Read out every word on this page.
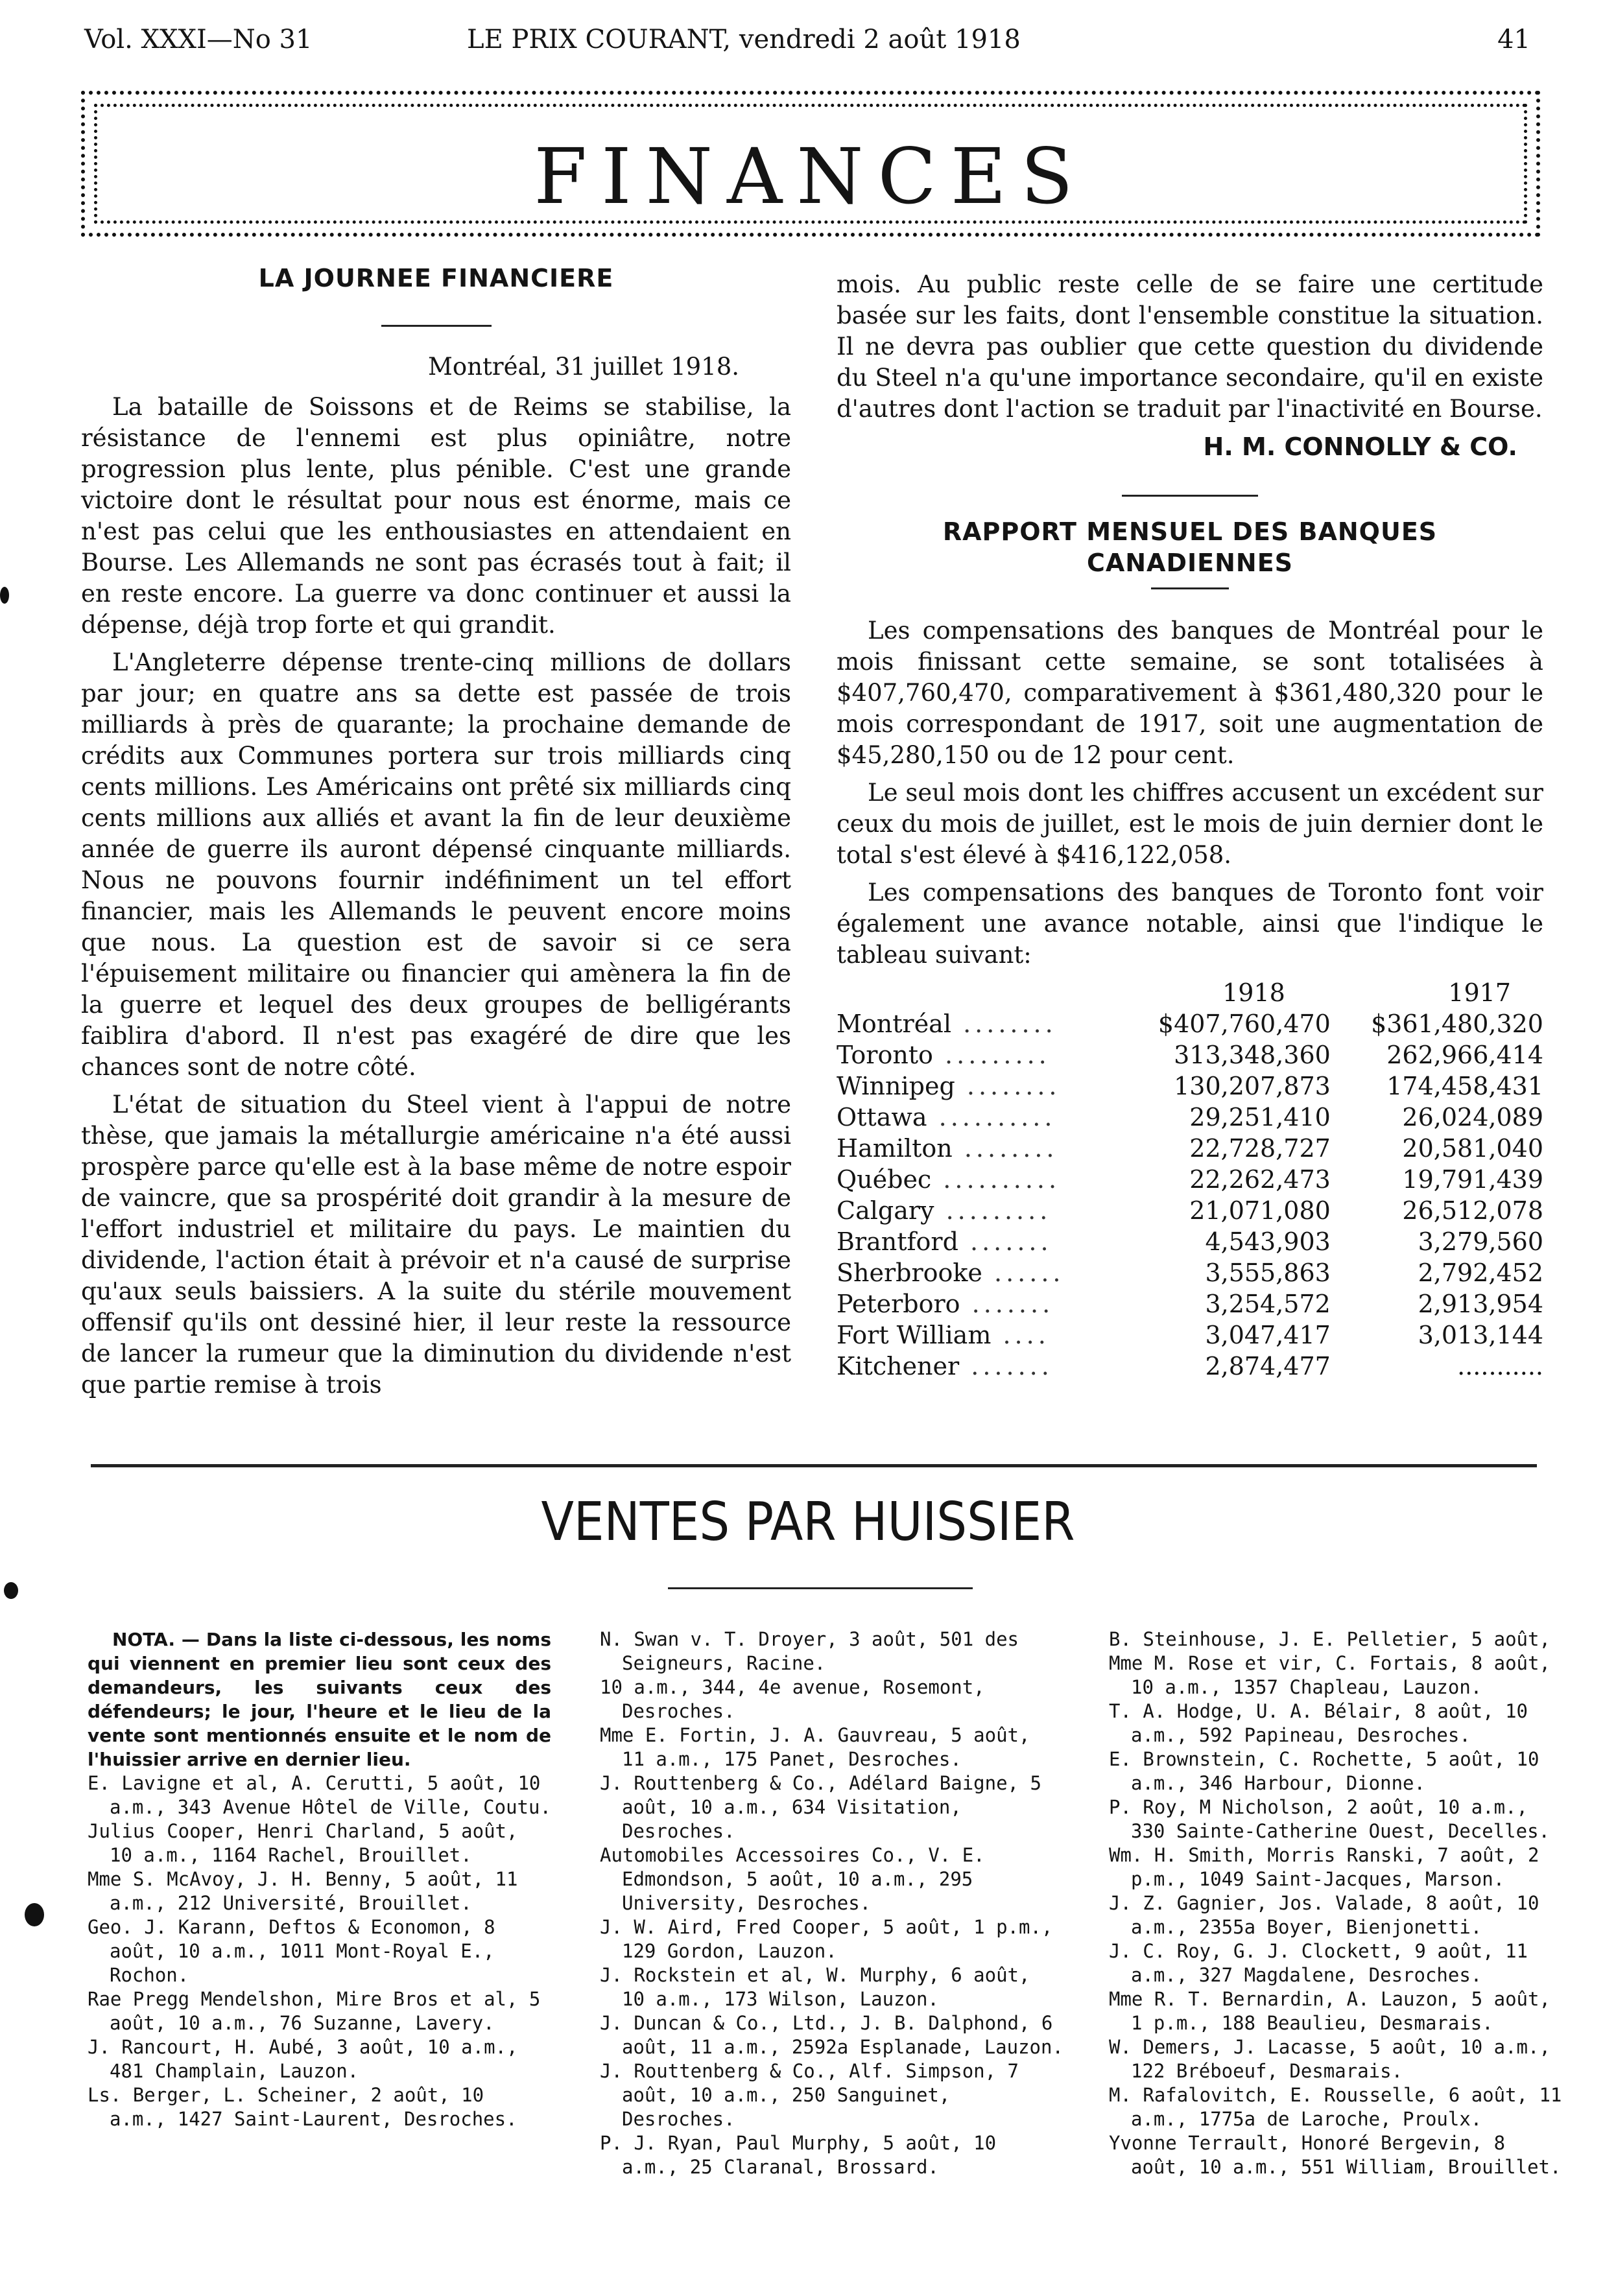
Vol. XXXI—No 31	LE PRIX COURANT, vendredi 2 août 1918	41
FINANCES
LA JOURNEE FINANCIERE
Montréal, 31 juillet 1918.

La bataille de Soissons et de Reims se stabilise, la résistance de l'ennemi est plus opiniâtre, notre progression plus lente, plus pénible. C'est une grande victoire dont le résultat pour nous est énorme, mais ce n'est pas celui que les enthousiastes en attendaient en Bourse. Les Allemands ne sont pas écrasés tout à fait; il en reste encore. La guerre va donc continuer et aussi la dépense, déjà trop forte et qui grandit.

L'Angleterre dépense trente-cinq millions de dollars par jour; en quatre ans sa dette est passée de trois milliards à près de quarante; la prochaine demande de crédits aux Communes portera sur trois milliards cinq cents millions. Les Américains ont prêté six milliards cinq cents millions aux alliés et avant la fin de leur deuxième année de guerre ils auront dépensé cinquante milliards. Nous ne pouvons fournir indéfiniment un tel effort financier, mais les Allemands le peuvent encore moins que nous. La question est de savoir si ce sera l'épuisement militaire ou financier qui amènera la fin de la guerre et lequel des deux groupes de belligérants faiblira d'abord. Il n'est pas exagéré de dire que les chances sont de notre côté.

L'état de situation du Steel vient à l'appui de notre thèse, que jamais la métallurgie américaine n'a été aussi prospère parce qu'elle est à la base même de notre espoir de vaincre, que sa prospérité doit grandir à la mesure de l'effort industriel et militaire du pays. Le maintien du dividende, l'action était à prévoir et n'a causé de surprise qu'aux seuls baissiers. A la suite du stérile mouvement offensif qu'ils ont dessiné hier, il leur reste la ressource de lancer la rumeur que la diminution du dividende n'est que partie remise à trois

mois. Au public reste celle de se faire une certitude basée sur les faits, dont l'ensemble constitue la situation. Il ne devra pas oublier que cette question du dividende du Steel n'a qu'une importance secondaire, qu'il en existe d'autres dont l'action se traduit par l'inactivité en Bourse.

H. M. CONNOLLY & CO.
RAPPORT MENSUEL DES BANQUES CANADIENNES

Les compensations des banques de Montréal pour le mois finissant cette semaine, se sont totalisées à $407,760,470, comparativement à $361,480,320 pour le mois correspondant de 1917, soit une augmentation de $45,280,150 ou de 12 pour cent.

Le seul mois dont les chiffres accusent un excédent sur ceux du mois de juillet, est le mois de juin dernier dont le total s'est élevé à $416,122,058.

Les compensations des banques de Toronto font voir également une avance notable, ainsi que l'indique le tableau suivant:

	1918	1917
Montréal ........	$407,760,470	$361,480,320
Toronto .........	313,348,360	262,966,414
Winnipeg ........	130,207,873	174,458,431
Ottawa ..........	29,251,410	26,024,089
Hamilton ........	22,728,727	20,581,040
Québec ..........	22,262,473	19,791,439
Calgary .........	21,071,080	26,512,078
Brantford .......	4,543,903	3,279,560
Sherbrooke ......	3,555,863	2,792,452
Peterboro .......	3,254,572	2,913,954
Fort William ....	3,047,417	3,013,144
Kitchener .......	2,874,477	...........
VENTES PAR HUISSIER

NOTA. — Dans la liste ci-dessous, les noms qui viennent en premier lieu sont ceux des demandeurs, les suivants ceux des défendeurs; le jour, l'heure et le lieu de la vente sont mentionnés ensuite et le nom de l'huissier arrive en dernier lieu.

E. Lavigne et al, A. Cerutti, 5 août, 10 a.m., 343 Avenue Hôtel de Ville, Coutu.

Julius Cooper, Henri Charland, 5 août, 10 a.m., 1164 Rachel, Brouillet.

Mme S. McAvoy, J. H. Benny, 5 août, 11 a.m., 212 Université, Brouillet.

Geo. J. Karann, Deftos & Economon, 8 août, 10 a.m., 1011 Mont-Royal E., Rochon.

Rae Pregg Mendelshon, Mire Bros et al, 5 août, 10 a.m., 76 Suzanne, Lavery.

J. Rancourt, H. Aubé, 3 août, 10 a.m., 481 Champlain, Lauzon.

Ls. Berger, L. Scheiner, 2 août, 10 a.m., 1427 Saint-Laurent, Desroches.

N. Swan v. T. Droyer, 3 août, 501 des Seigneurs, Racine.

10 a.m., 344, 4e avenue, Rosemont, Desroches.

Mme E. Fortin, J. A. Gauvreau, 5 août, 11 a.m., 175 Panet, Desroches.

J. Routtenberg & Co., Adélard Baigne, 5 août, 10 a.m., 634 Visitation, Desroches.

Automobiles Accessoires Co., V. E. Edmondson, 5 août, 10 a.m., 295 University, Desroches.

J. W. Aird, Fred Cooper, 5 août, 1 p.m., 129 Gordon, Lauzon.

J. Rockstein et al, W. Murphy, 6 août, 10 a.m., 173 Wilson, Lauzon.

J. Duncan & Co., Ltd., J. B. Dalphond, 6 août, 11 a.m., 2592a Esplanade, Lauzon.

J. Routtenberg & Co., Alf. Simpson, 7 août, 10 a.m., 250 Sanguinet, Desroches.

P. J. Ryan, Paul Murphy, 5 août, 10 a.m., 25 Claranal, Brossard.

B. Steinhouse, J. E. Pelletier, 5 août,

Mme M. Rose et vir, C. Fortais, 8 août, 10 a.m., 1357 Chapleau, Lauzon.

T. A. Hodge, U. A. Bélair, 8 août, 10 a.m., 592 Papineau, Desroches.

E. Brownstein, C. Rochette, 5 août, 10 a.m., 346 Harbour, Dionne.

P. Roy, M Nicholson, 2 août, 10 a.m., 330 Sainte-Catherine Ouest, Decelles.

Wm. H. Smith, Morris Ranski, 7 août, 2 p.m., 1049 Saint-Jacques, Marson.

J. Z. Gagnier, Jos. Valade, 8 août, 10 a.m., 2355a Boyer, Bienjonetti.

J. C. Roy, G. J. Clockett, 9 août, 11 a.m., 327 Magdalene, Desroches.

Mme R. T. Bernardin, A. Lauzon, 5 août, 1 p.m., 188 Beaulieu, Desmarais.

W. Demers, J. Lacasse, 5 août, 10 a.m., 122 Bréboeuf, Desmarais.

M. Rafalovitch, E. Rousselle, 6 août, 11 a.m., 1775a de Laroche, Proulx.

Yvonne Terrault, Honoré Bergevin, 8 août, 10 a.m., 551 William, Brouillet.
